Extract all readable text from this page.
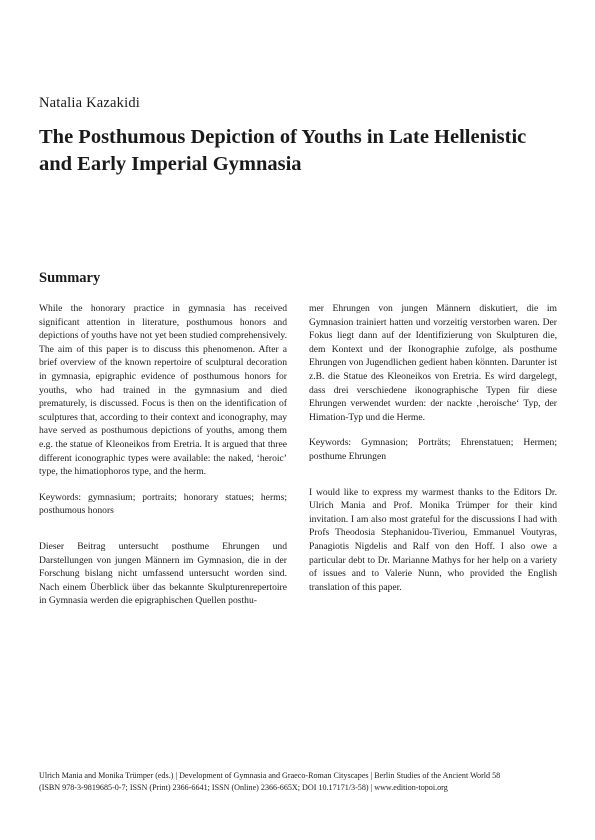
Natalia Kazakidi
The Posthumous Depiction of Youths in Late Hellenistic and Early Imperial Gymnasia
Summary

While the honorary practice in gymnasia has received significant attention in literature, posthumous honors and depictions of youths have not yet been studied comprehensively. The aim of this paper is to discuss this phenomenon. After a brief overview of the known repertoire of sculptural decoration in gymnasia, epigraphic evidence of posthumous honors for youths, who had trained in the gymnasium and died prematurely, is discussed. Focus is then on the identification of sculptures that, according to their context and iconography, may have served as posthumous depictions of youths, among them e.g. the statue of Kleoneikos from Eretria. It is argued that three different iconographic types were available: the naked, ‘heroic’ type, the himatiophoros type, and the herm.

Keywords: gymnasium; portraits; honorary statues; herms; posthumous honors

Dieser Beitrag untersucht posthume Ehrungen und Darstellungen von jungen Männern im Gymnasion, die in der Forschung bislang nicht umfassend untersucht worden sind. Nach einem Überblick über das bekannte Skulpturenrepertoire in Gymnasia werden die epigraphischen Quellen posthu-

mer Ehrungen von jungen Männern diskutiert, die im Gymnasion trainiert hatten und vorzeitig verstorben waren. Der Fokus liegt dann auf der Identifizierung von Skulpturen die, dem Kontext und der Ikonographie zufolge, als posthume Ehrungen von Jugendlichen gedient haben könnten. Darunter ist z.B. die Statue des Kleoneikos von Eretria. Es wird dargelegt, dass drei verschiedene ikonographische Typen für diese Ehrungen verwendet wurden: der nackte ‚heroische‘ Typ, der Himation-Typ und die Herme.

Keywords: Gymnasion; Porträts; Ehrenstatuen; Hermen; posthume Ehrungen

I would like to express my warmest thanks to the Editors Dr. Ulrich Mania and Prof. Monika Trümper for their kind invitation. I am also most grateful for the discussions I had with Profs Theodosia Stephanidou-Tiveriou, Emmanuel Voutyras, Panagiotis Nigdelis and Ralf von den Hoff. I also owe a particular debt to Dr. Marianne Mathys for her help on a variety of issues and to Valerie Nunn, who provided the English translation of this paper.

Ulrich Mania and Monika Trümper (eds.) | Development of Gymnasia and Graeco-Roman Cityscapes | Berlin Studies of the Ancient World 58
(ISBN 978-3-9819685-0-7; ISSN (Print) 2366-6641; ISSN (Online) 2366-665X; DOI 10.17171/3-58) | www.edition-topoi.org
